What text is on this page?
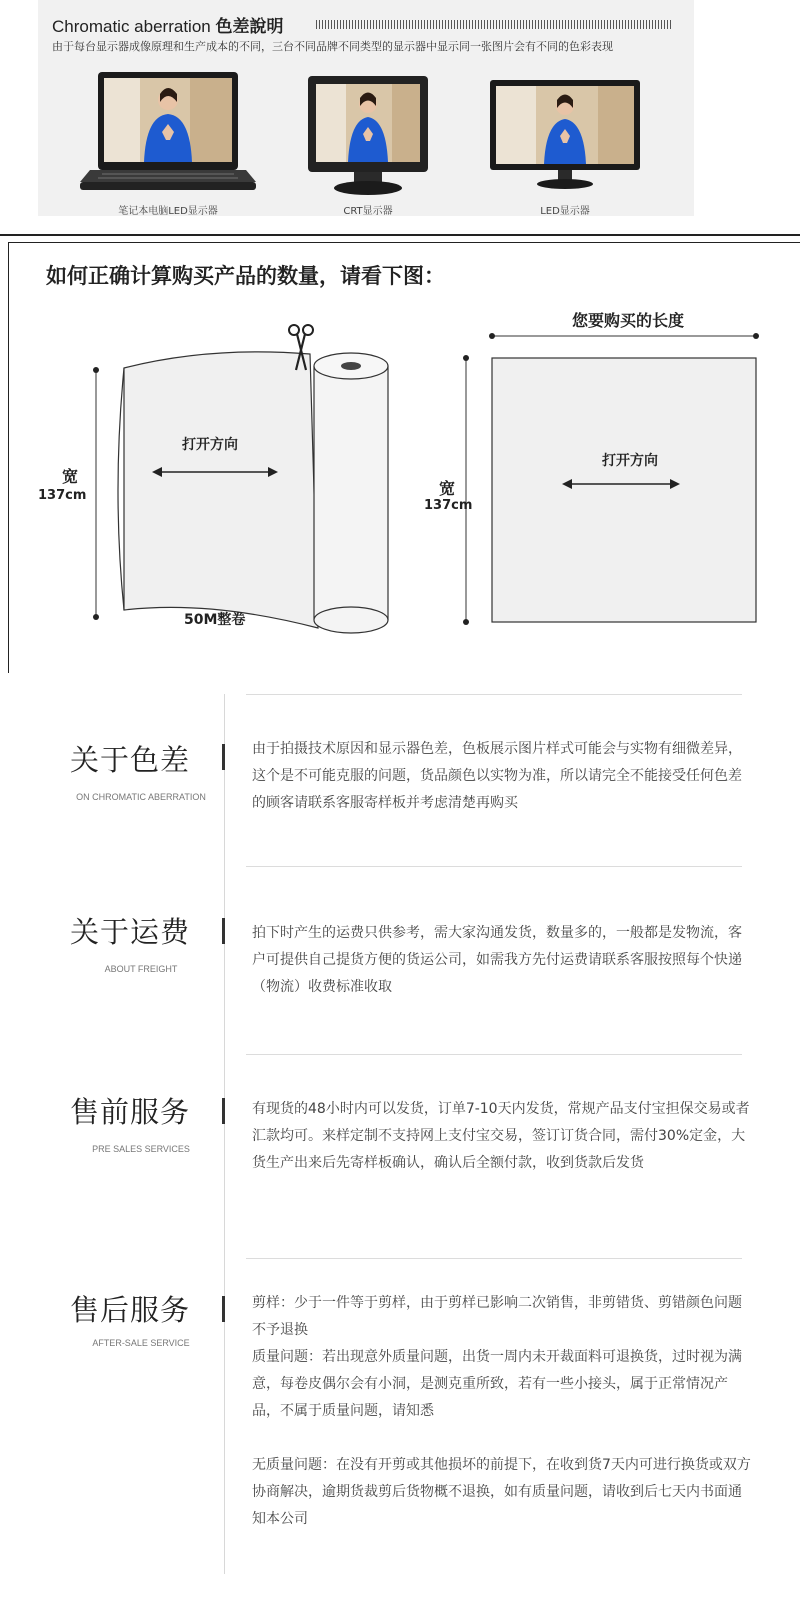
Chromatic aberration 色差說明
由于每台显示器成像原理和生产成本的不同，三台不同品牌不同类型的显示器中显示同一张图片会有不同的色彩表现
笔记本电脑LED显示器	CRT显示器	LED显示器
如何正确计算购买产品的数量，请看下图：
打开方向
宽
137cm
50M整卷
您要购买的长度
打开方向
宽
137cm
关于色差
ON CHROMATIC ABERRATION

由于拍摄技术原因和显示器色差，色板展示图片样式可能会与实物有细微差异，这个是不可能克服的问题，货品颜色以实物为准，所以请完全不能接受任何色差的顾客请联系客服寄样板并考虑清楚再购买

关于运费
ABOUT FREIGHT

拍下时产生的运费只供参考，需大家沟通发货，数量多的，一般都是发物流，客户可提供自己提货方便的货运公司，如需我方先付运费请联系客服按照每个快递（物流）收费标准收取

售前服务
PRE SALES SERVICES

有现货的48小时内可以发货，订单7-10天内发货，常规产品支付宝担保交易或者汇款均可。来样定制不支持网上支付宝交易，签订订货合同，需付30%定金，大货生产出来后先寄样板确认，确认后全额付款，收到货款后发货

售后服务
AFTER-SALE SERVICE

剪样：少于一件等于剪样，由于剪样已影响二次销售，非剪错货、剪错颜色问题不予退换

质量问题：若出现意外质量问题，出货一周内未开裁面料可退换货，过时视为满意，每卷皮偶尔会有小洞，是测克重所致，若有一些小接头，属于正常情况产品，不属于质量问题，请知悉

无质量问题：在没有开剪或其他损坏的前提下，在收到货7天内可进行换货或双方协商解决，逾期货裁剪后货物概不退换，如有质量问题，请收到后七天内书面通知本公司
